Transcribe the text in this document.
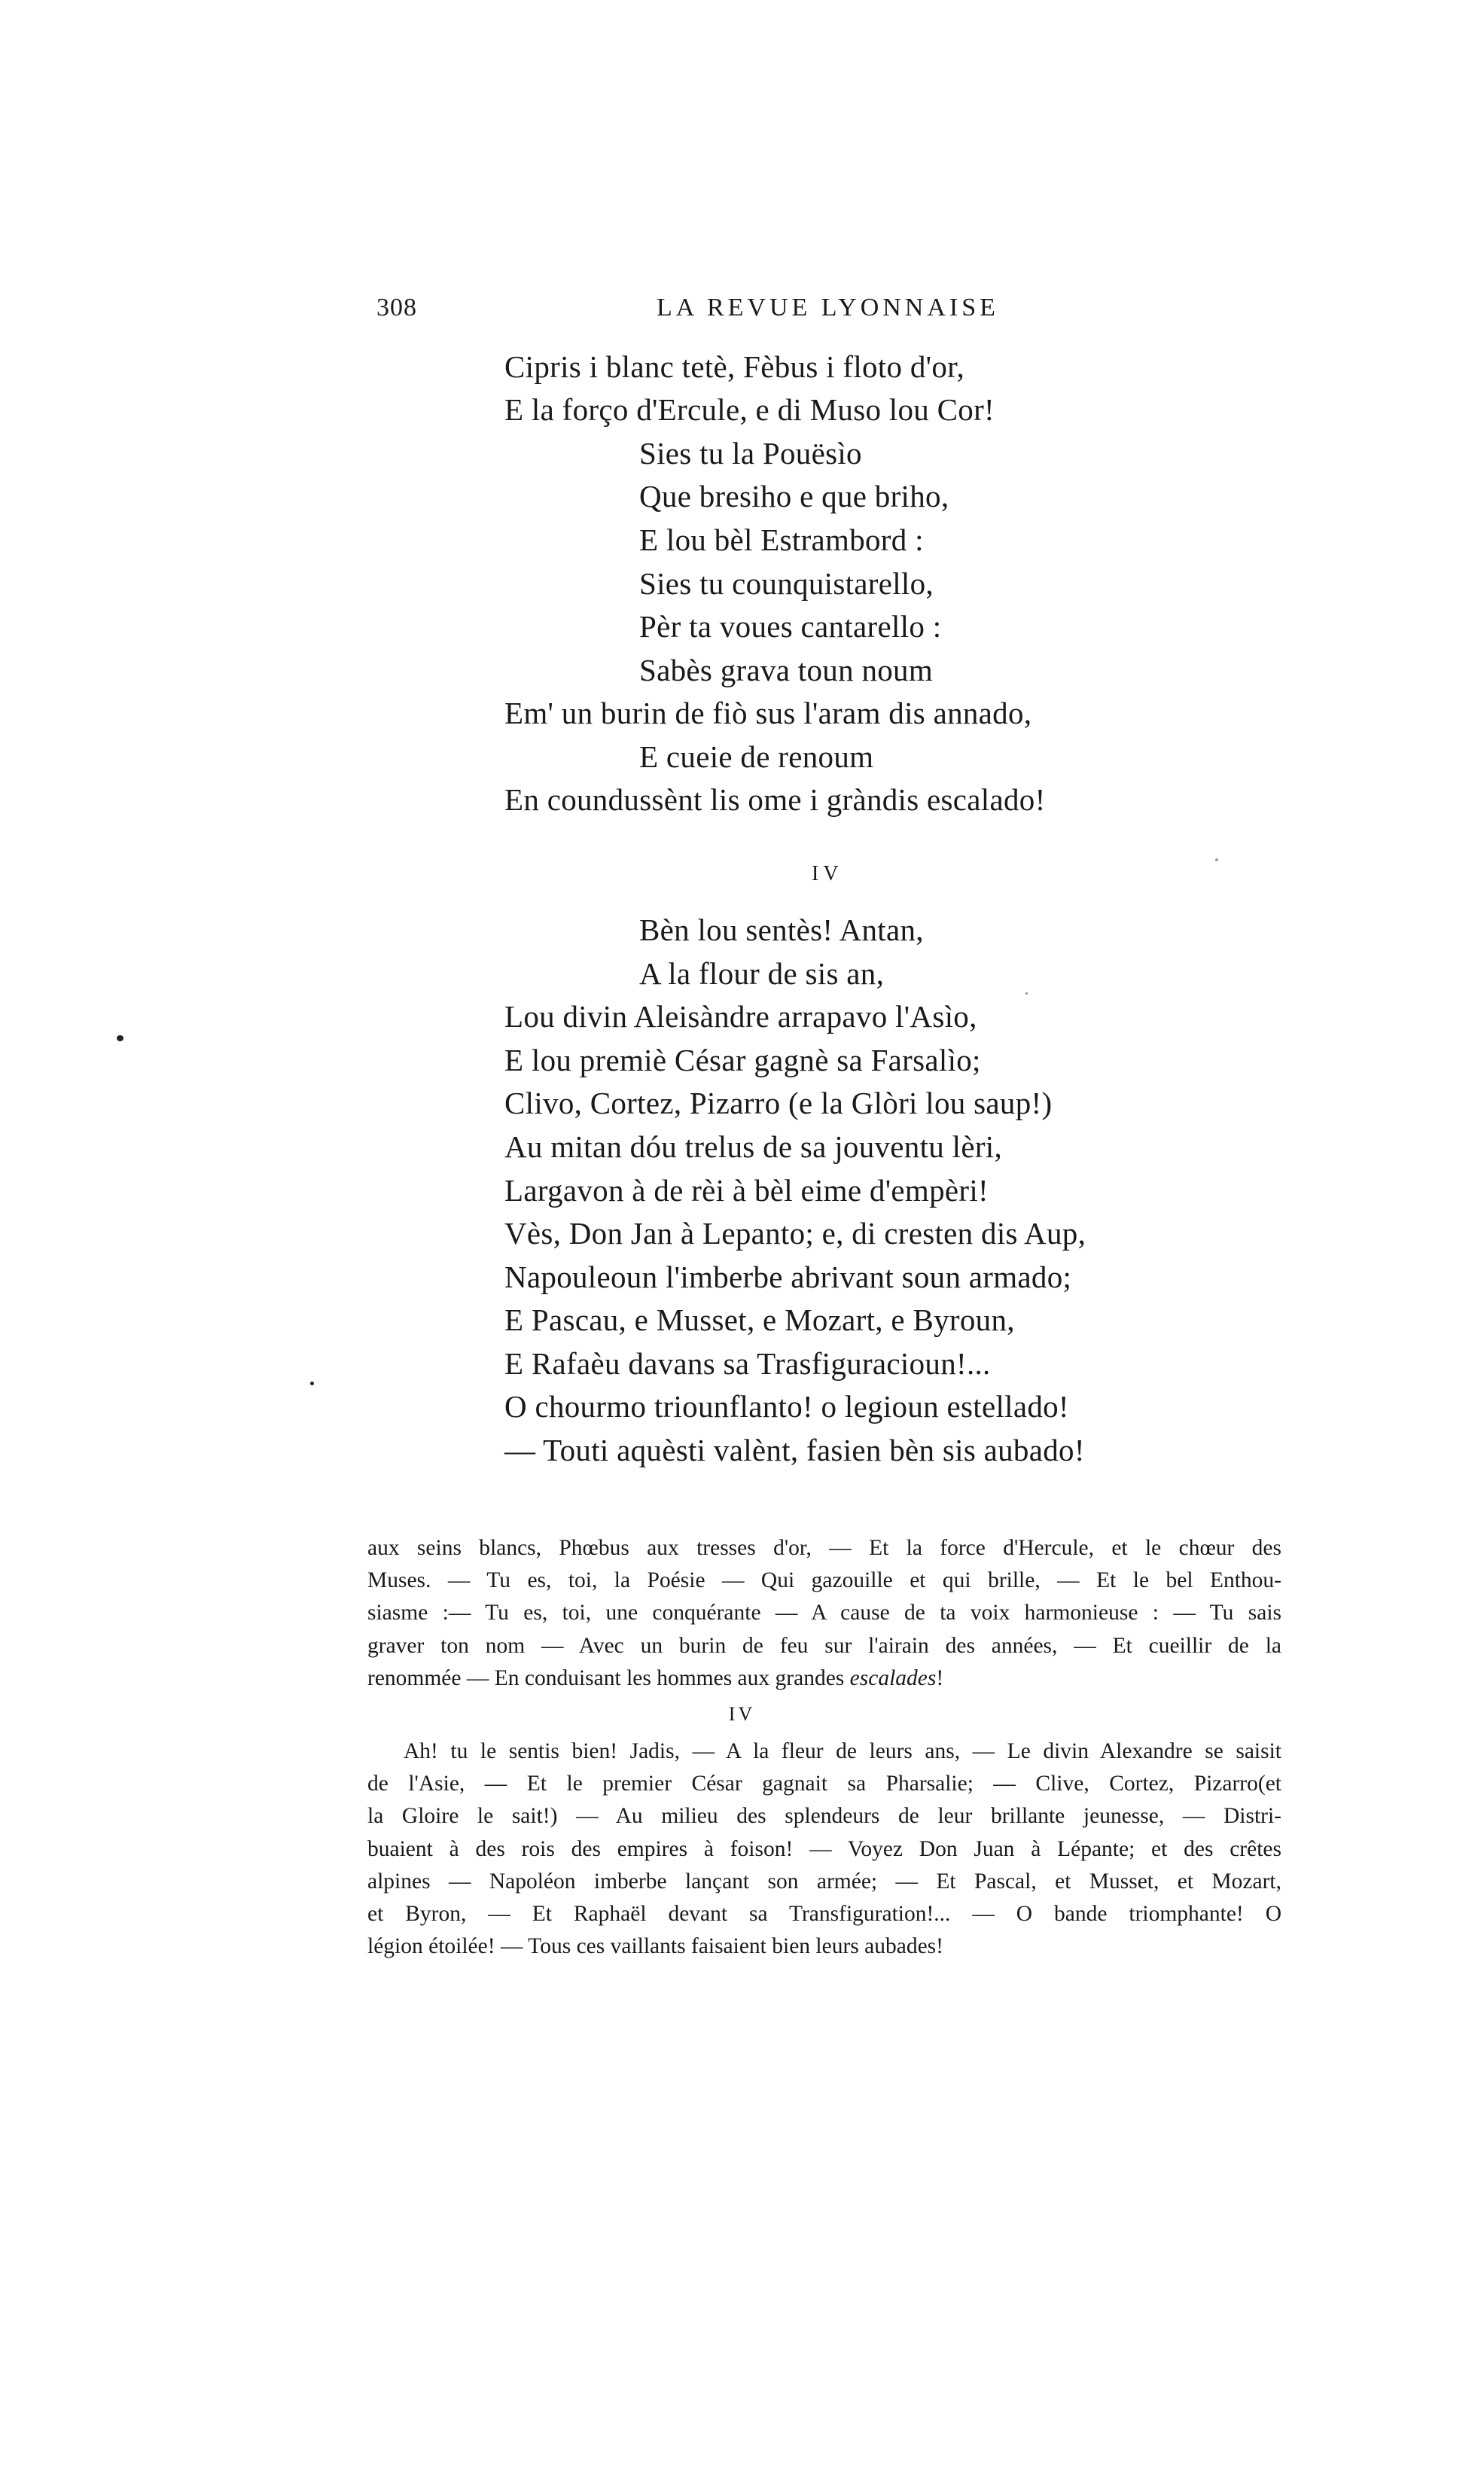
308	LA REVUE LYONNAISE
Cipris i blanc tetè, Fèbus i floto d'or,
E la forço d'Ercule, e di Muso lou Cor!
Sies tu la Pouësìo
Que bresiho e que briho,
E lou bèl Estrambord :
Sies tu counquistarello,
Pèr ta voues cantarello :
Sabès grava toun noum
Em' un burin de fiò sus l'aram dis annado,
E cueie de renoum
En coundussènt lis ome i gràndis escalado!
IV
Bèn lou sentès! Antan,
A la flour de sis an,
Lou divin Aleisàndre arrapavo l'Asìo,
E lou premiè César gagnè sa Farsalìo;
Clivo, Cortez, Pizarro (e la Glòri lou saup!)
Au mitan dóu trelus de sa jouventu lèri,
Largavon à de rèi à bèl eime d'empèri!
Vès, Don Jan à Lepanto; e, di cresten dis Aup,
Napouleoun l'imberbe abrivant soun armado;
E Pascau, e Musset, e Mozart, e Byroun,
E Rafaèu davans sa Trasfiguracioun!...
O chourmo triounflanto! o legioun estellado!
— Touti aquèsti valènt, fasien bèn sis aubado!

aux seins blancs, Phœbus aux tresses d'or, — Et la force d'Hercule, et le chœur des

Muses. — Tu es, toi, la Poésie — Qui gazouille et qui brille, — Et le bel Enthou-

siasme :— Tu es, toi, une conquérante — A cause de ta voix harmonieuse : — Tu sais

graver ton nom — Avec un burin de feu sur l'airain des années, — Et cueillir de la

renommée — En conduisant les hommes aux grandes escalades!

IV

Ah! tu le sentis bien! Jadis, — A la fleur de leurs ans, — Le divin Alexandre se saisit

de l'Asie, — Et le premier César gagnait sa Pharsalie; — Clive, Cortez, Pizarro(et

la Gloire le sait!) — Au milieu des splendeurs de leur brillante jeunesse, — Distri-

buaient à des rois des empires à foison! — Voyez Don Juan à Lépante; et des crêtes

alpines — Napoléon imberbe lançant son armée; — Et Pascal, et Musset, et Mozart,

et Byron, — Et Raphaël devant sa Transfiguration!... — O bande triomphante! O

légion étoilée! — Tous ces vaillants faisaient bien leurs aubades!
